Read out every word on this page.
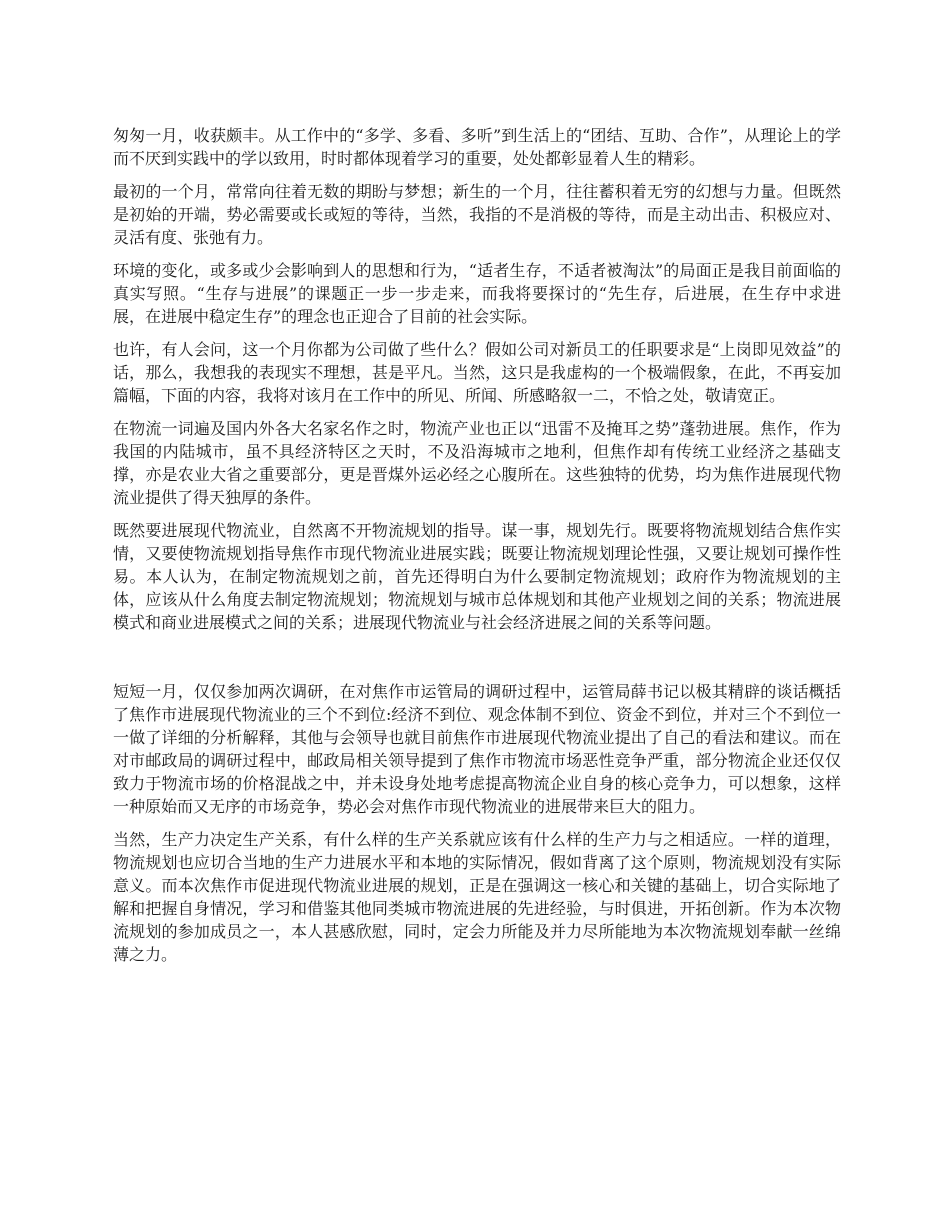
匆匆一月，收获颇丰。从工作中的“多学、多看、多听”到生活上的“团结、互助、合作”，从理论上的学而不厌到实践中的学以致用，时时都体现着学习的重要，处处都彰显着人生的精彩。

最初的一个月，常常向往着无数的期盼与梦想；新生的一个月，往往蓄积着无穷的幻想与力量。但既然是初始的开端，势必需要或长或短的等待，当然，我指的不是消极的等待，而是主动出击、积极应对、灵活有度、张弛有力。

环境的变化，或多或少会影响到人的思想和行为，“适者生存，不适者被淘汰”的局面正是我目前面临的真实写照。“生存与进展”的课题正一步一步走来，而我将要探讨的“先生存，后进展，在生存中求进展，在进展中稳定生存”的理念也正迎合了目前的社会实际。

也许，有人会问，这一个月你都为公司做了些什么？假如公司对新员工的任职要求是“上岗即见效益”的话，那么，我想我的表现实不理想，甚是平凡。当然，这只是我虚构的一个极端假象，在此，不再妄加篇幅，下面的内容，我将对该月在工作中的所见、所闻、所感略叙一二，不恰之处，敬请宽正。

在物流一词遍及国内外各大名家名作之时，物流产业也正以“迅雷不及掩耳之势”蓬勃进展。焦作，作为我国的内陆城市，虽不具经济特区之天时，不及沿海城市之地利，但焦作却有传统工业经济之基础支撑，亦是农业大省之重要部分，更是晋煤外运必经之心腹所在。这些独特的优势，均为焦作进展现代物流业提供了得天独厚的条件。

既然要进展现代物流业，自然离不开物流规划的指导。谋一事，规划先行。既要将物流规划结合焦作实情，又要使物流规划指导焦作市现代物流业进展实践；既要让物流规划理论性强，又要让规划可操作性易。本人认为，在制定物流规划之前，首先还得明白为什么要制定物流规划；政府作为物流规划的主体，应该从什么角度去制定物流规划；物流规划与城市总体规划和其他产业规划之间的关系；物流进展模式和商业进展模式之间的关系；进展现代物流业与社会经济进展之间的关系等问题。

短短一月，仅仅参加两次调研，在对焦作市运管局的调研过程中，运管局薛书记以极其精辟的谈话概括了焦作市进展现代物流业的三个不到位:经济不到位、观念体制不到位、资金不到位，并对三个不到位一一做了详细的分析解释，其他与会领导也就目前焦作市进展现代物流业提出了自己的看法和建议。而在对市邮政局的调研过程中，邮政局相关领导提到了焦作市物流市场恶性竞争严重，部分物流企业还仅仅致力于物流市场的价格混战之中，并未设身处地考虑提高物流企业自身的核心竞争力，可以想象，这样一种原始而又无序的市场竞争，势必会对焦作市现代物流业的进展带来巨大的阻力。

当然，生产力决定生产关系，有什么样的生产关系就应该有什么样的生产力与之相适应。一样的道理，物流规划也应切合当地的生产力进展水平和本地的实际情况，假如背离了这个原则，物流规划没有实际意义。而本次焦作市促进现代物流业进展的规划，正是在强调这一核心和关键的基础上，切合实际地了解和把握自身情况，学习和借鉴其他同类城市物流进展的先进经验，与时俱进，开拓创新。作为本次物流规划的参加成员之一，本人甚感欣慰，同时，定会力所能及并力尽所能地为本次物流规划奉献一丝绵薄之力。
